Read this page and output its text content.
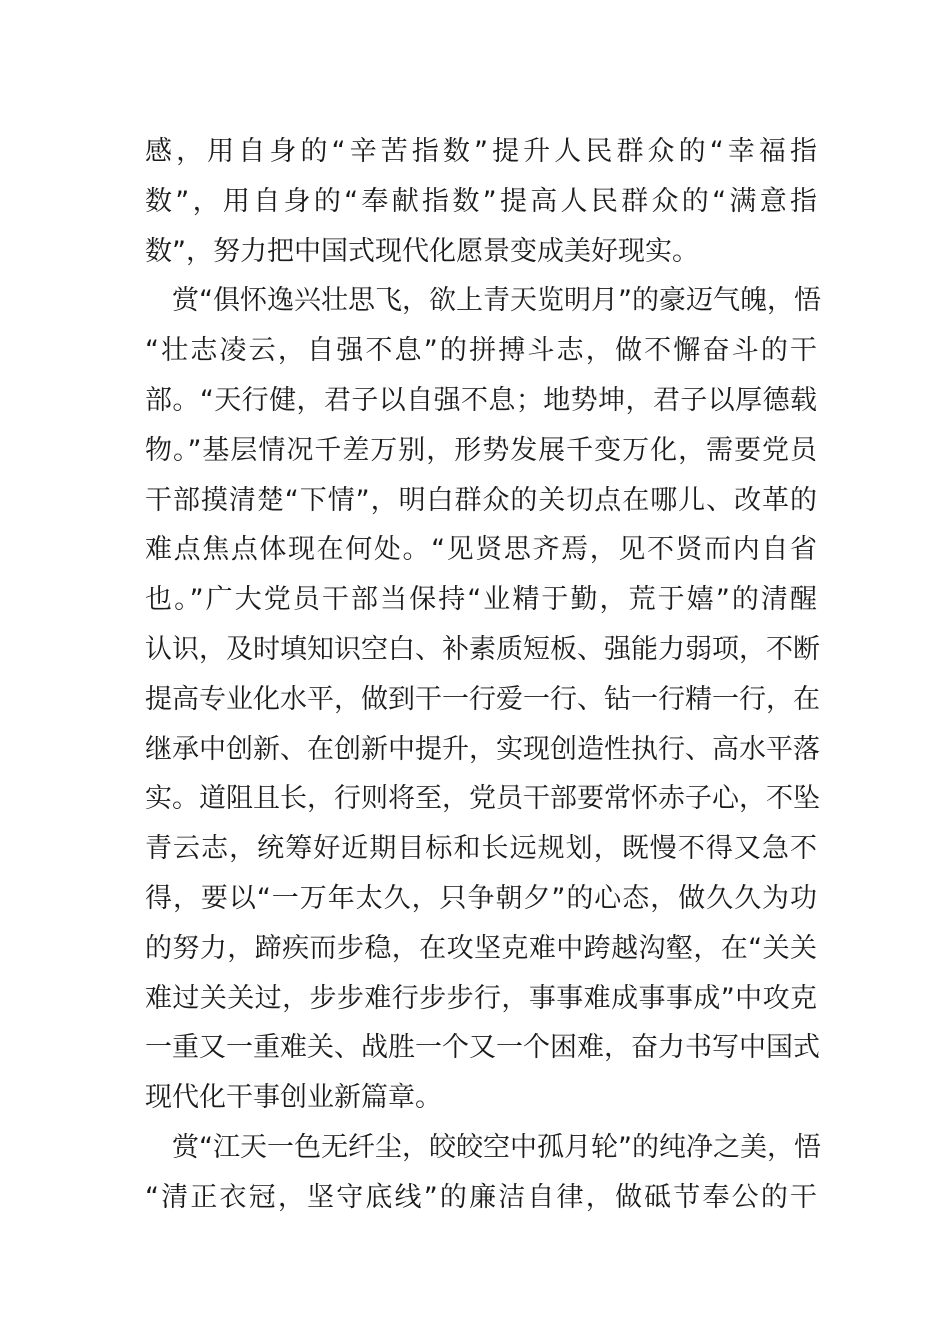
感，用自身的“辛苦指数”提升人民群众的“幸福指
数”，用自身的“奉献指数”提高人民群众的“满意指
数”，努力把中国式现代化愿景变成美好现实。
　赏“俱怀逸兴壮思飞，欲上青天览明月”的豪迈气魄，悟
“壮志凌云，自强不息”的拼搏斗志，做不懈奋斗的干
部。“天行健，君子以自强不息；地势坤，君子以厚德载
物。”基层情况千差万别，形势发展千变万化，需要党员
干部摸清楚“下情”，明白群众的关切点在哪儿、改革的
难点焦点体现在何处。“见贤思齐焉，见不贤而内自省
也。”广大党员干部当保持“业精于勤，荒于嬉”的清醒
认识，及时填知识空白、补素质短板、强能力弱项，不断
提高专业化水平，做到干一行爱一行、钻一行精一行，在
继承中创新、在创新中提升，实现创造性执行、高水平落
实。道阻且长，行则将至，党员干部要常怀赤子心，不坠
青云志，统筹好近期目标和长远规划，既慢不得又急不
得，要以“一万年太久，只争朝夕”的心态，做久久为功
的努力，蹄疾而步稳，在攻坚克难中跨越沟壑，在“关关
难过关关过，步步难行步步行，事事难成事事成”中攻克
一重又一重难关、战胜一个又一个困难，奋力书写中国式
现代化干事创业新篇章。
　赏“江天一色无纤尘，皎皎空中孤月轮”的纯净之美，悟
“清正衣冠，坚守底线”的廉洁自律，做砥节奉公的干
